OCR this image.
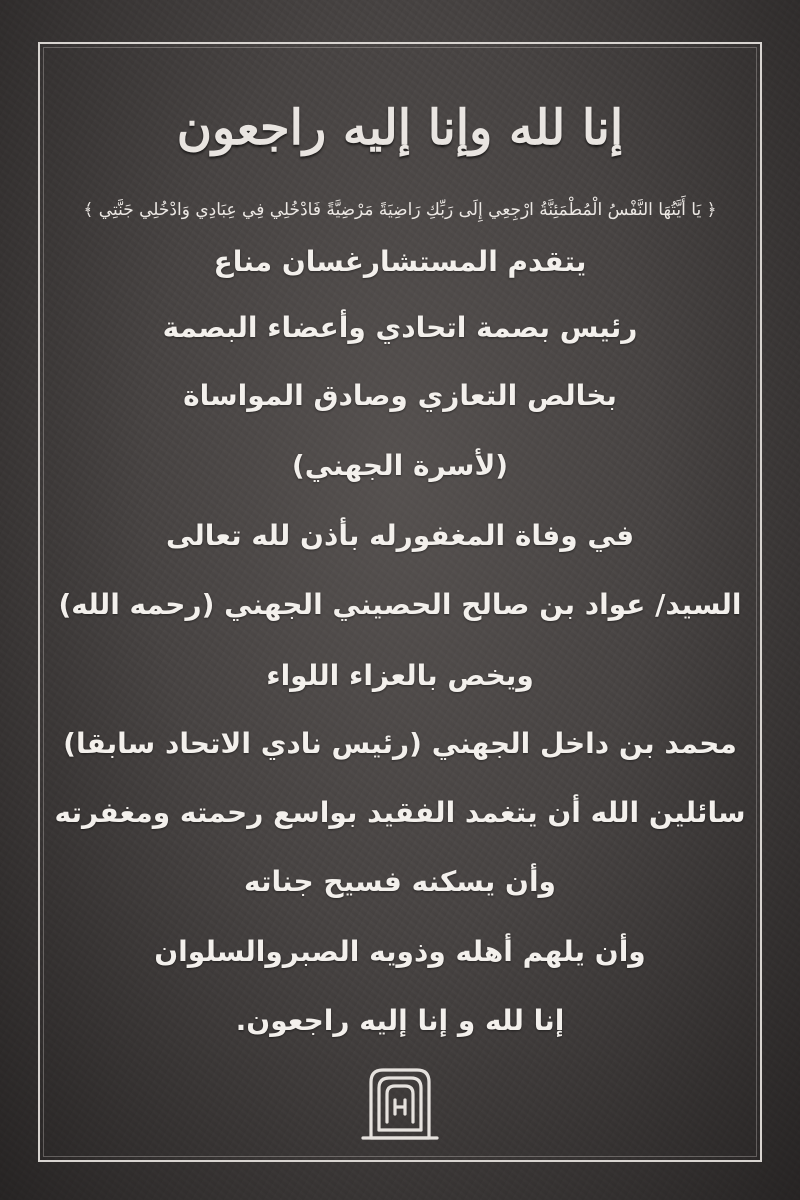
إنا لله وإنا إليه راجعون
﴿ يَا أَيَّتُهَا النَّفْسُ الْمُطْمَئِنَّةُ ارْجِعِي إِلَى رَبِّكِ رَاضِيَةً مَرْضِيَّةً فَادْخُلِي فِي عِبَادِي وَادْخُلِي جَنَّتِي ﴾
يتقدم المستشارغسان مناع
رئيس بصمة اتحادي وأعضاء البصمة
بخالص التعازي وصادق المواساة
(لأسرة الجهني)
في وفاة المغفورله بأذن لله تعالى
السيد/ عواد بن صالح الحصيني الجهني (رحمه الله)
ويخص بالعزاء اللواء
محمد بن داخل الجهني (رئيس نادي الاتحاد سابقا)
سائلين الله أن يتغمد الفقيد بواسع رحمته ومغفرته
وأن يسكنه فسيح جناته
وأن يلهم أهله وذويه الصبروالسلوان
إنا لله و إنا إليه راجعون.
